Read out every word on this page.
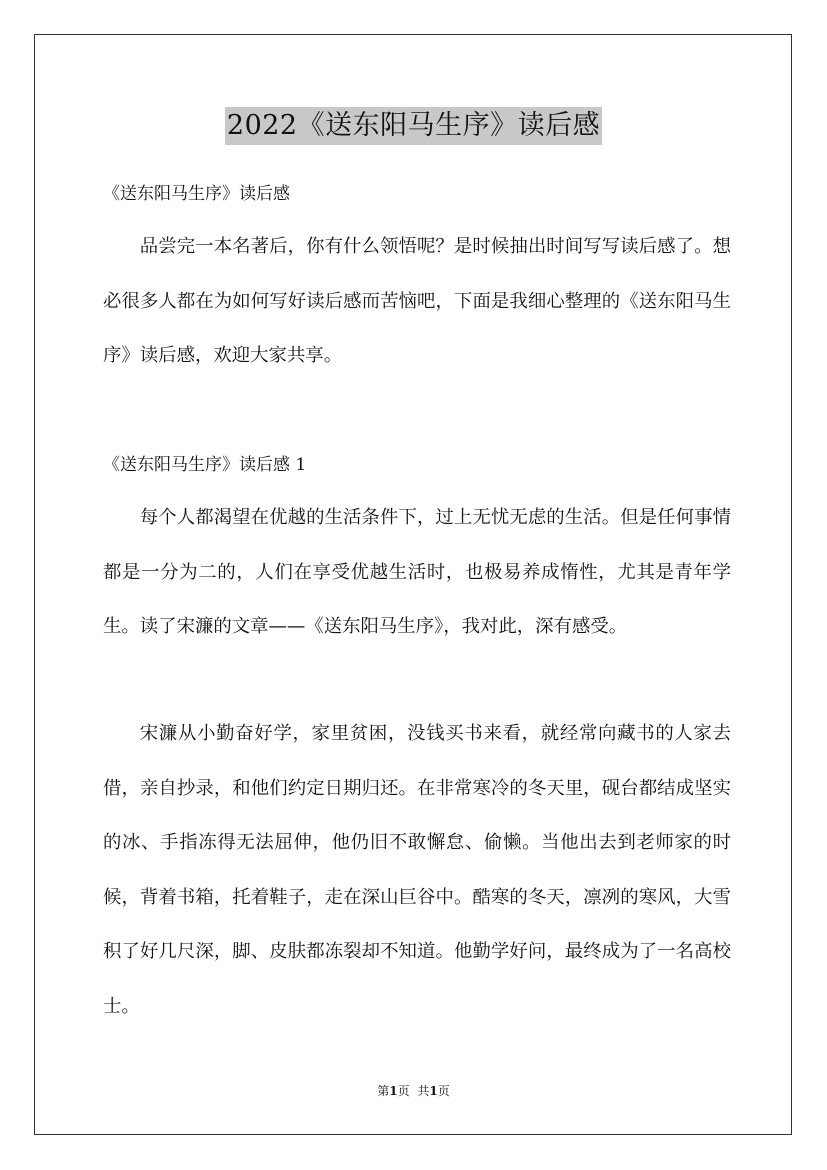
2022《送东阳马生序》读后感
《送东阳马生序》读后感

品尝完一本名著后，你有什么领悟呢？是时候抽出时间写写读后感了。想必很多人都在为如何写好读后感而苦恼吧，下面是我细心整理的《送东阳马生序》读后感，欢迎大家共享。

《送东阳马生序》读后感 1

每个人都渴望在优越的生活条件下，过上无忧无虑的生活。但是任何事情都是一分为二的，人们在享受优越生活时，也极易养成惰性，尤其是青年学生。读了宋濂的文章——《送东阳马生序》，我对此，深有感受。

宋濂从小勤奋好学，家里贫困，没钱买书来看，就经常向藏书的人家去借，亲自抄录，和他们约定日期归还。在非常寒冷的冬天里，砚台都结成坚实的冰、手指冻得无法屈伸，他仍旧不敢懈怠、偷懒。当他出去到老师家的时候，背着书箱，托着鞋子，走在深山巨谷中。酷寒的冬天，凛冽的寒风，大雪积了好几尺深，脚、皮肤都冻裂却不知道。他勤学好问，最终成为了一名高校士。

第1页 共1页
